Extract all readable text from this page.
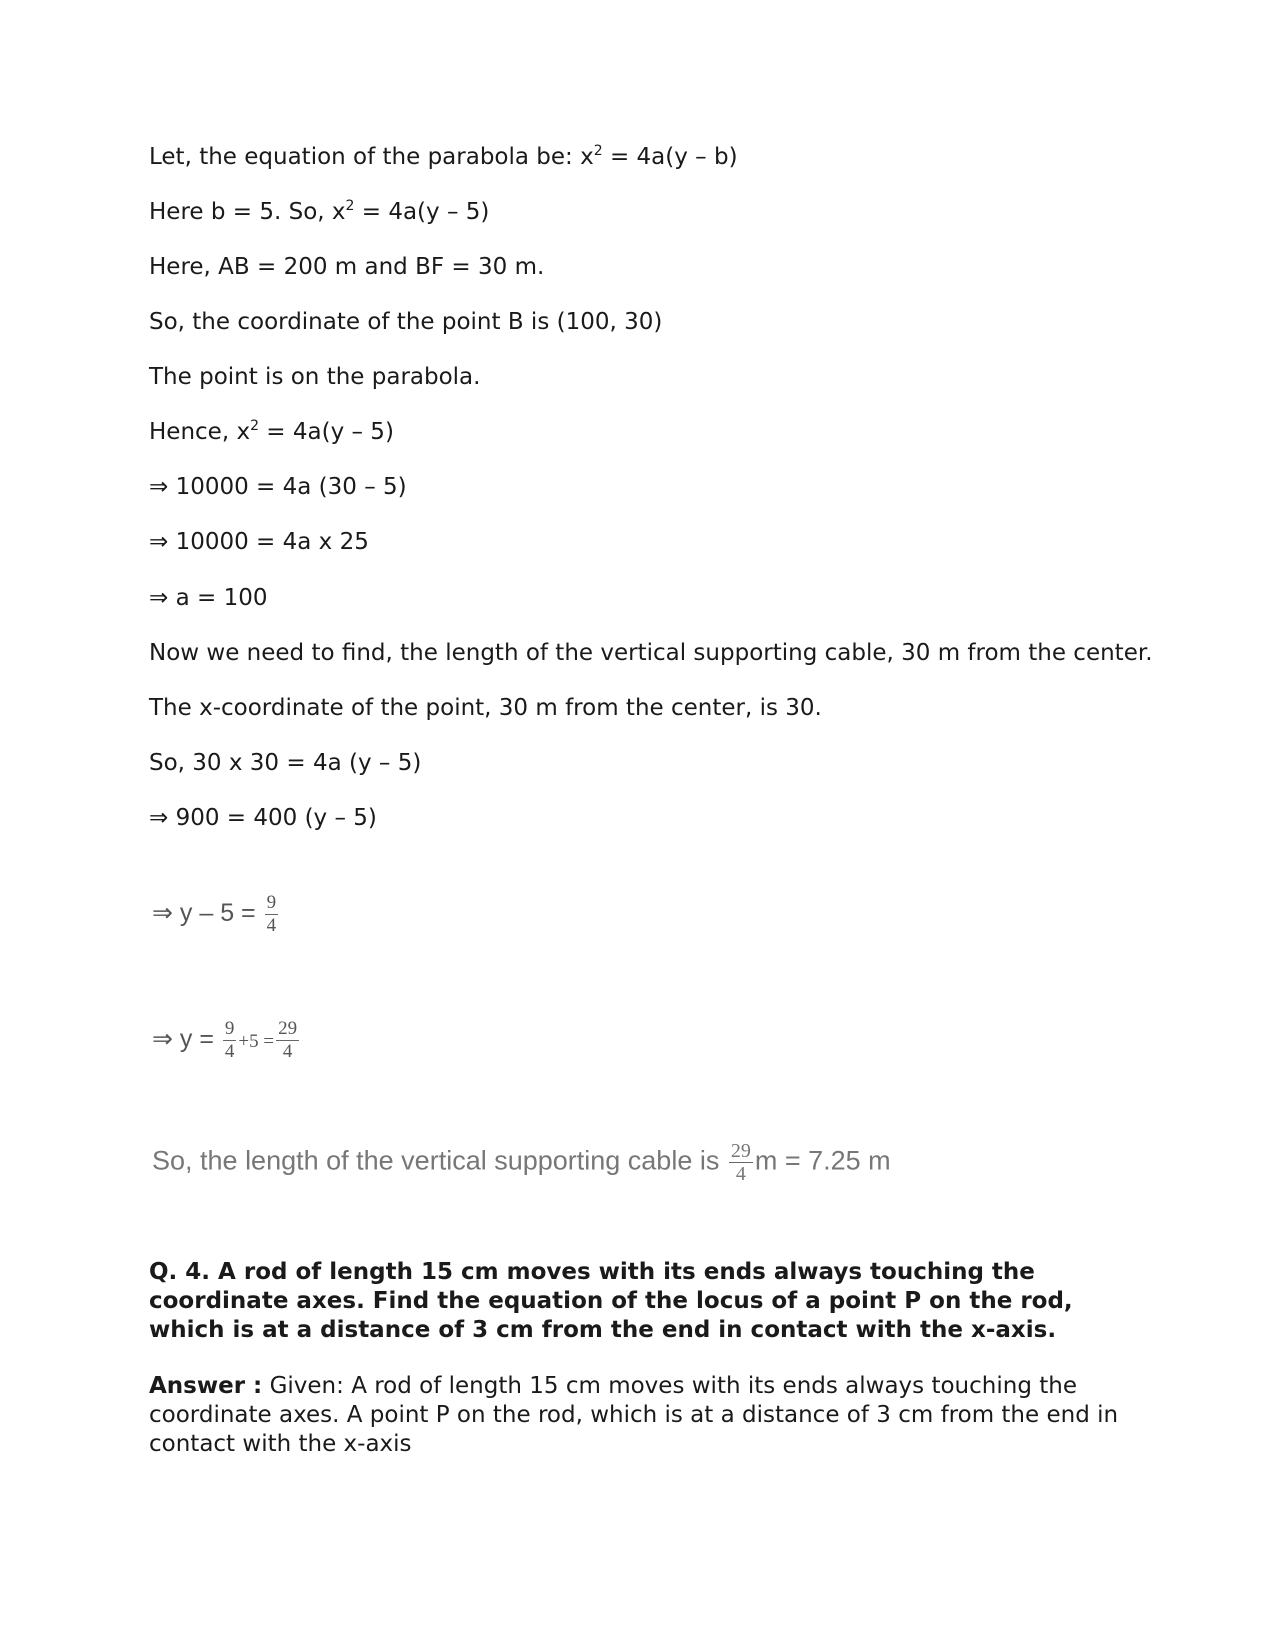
Let, the equation of the parabola be: $x^2 = 4a(y - b)$
Here b = 5. So, $x^2 = 4a(y - 5)$
Here, AB = 200 m and BF = 30 m.
So, the coordinate of the point B is (100, 30)
The point is on the parabola.
Hence, $x^2 = 4a(y - 5)$
⇒ 10000 = 4a (30 – 5)
⇒ 10000 = 4a x 25
⇒ a = 100
Now we need to find, the length of the vertical supporting cable, 30 m from the center.
The x-coordinate of the point, 30 m from the center, is 30.
So, 30 x 30 = 4a (y – 5)
⇒ 900 = 400 (y – 5)
⇒ $y - 5 = \frac{9}{4}$
⇒ $y = \frac{9}{4} +5 = \frac{29}{4}$
So, the length of the vertical supporting cable is $\frac{29}{4}$ m = 7.25 m
Q. 4. A rod of length 15 cm moves with its ends always touching the coordinate axes. Find the equation of the locus of a point P on the rod, which is at a distance of 3 cm from the end in contact with the x-axis.
Answer : Given: A rod of length 15 cm moves with its ends always touching the coordinate axes. A point P on the rod, which is at a distance of 3 cm from the end in contact with the x-axis
